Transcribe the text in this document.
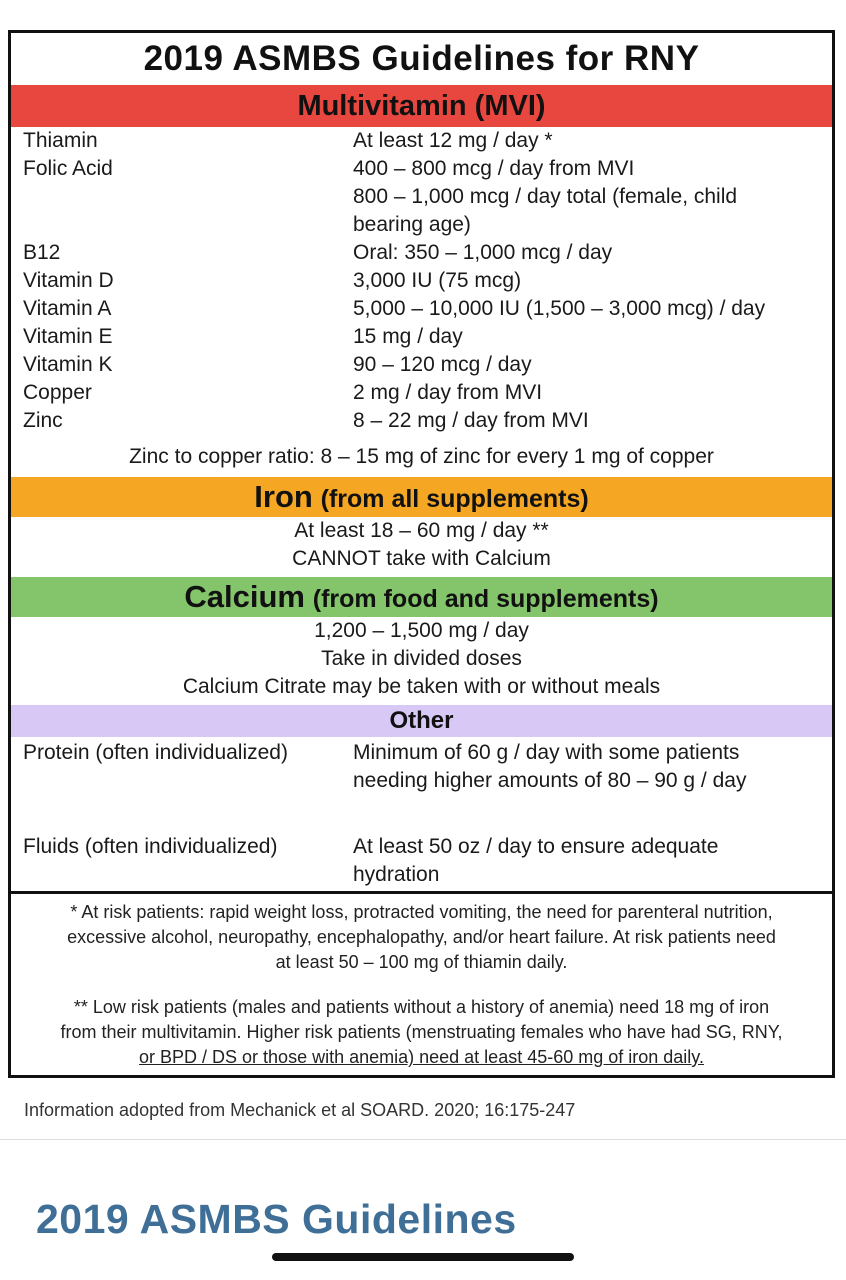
2019 ASMBS Guidelines for RNY
Multivitamin (MVI)
Thiamin	At least 12 mg / day *
Folic Acid	400 – 800 mcg / day from MVI
800 – 1,000 mcg / day total (female, child
bearing age)
B12	Oral: 350 – 1,000 mcg / day
Vitamin D	3,000 IU (75 mcg)
Vitamin A	5,000 – 10,000 IU (1,500 – 3,000 mcg) / day
Vitamin E	15 mg / day
Vitamin K	90 – 120 mcg / day
Copper	2 mg / day from MVI
Zinc	8 – 22 mg / day from MVI
Zinc to copper ratio: 8 – 15 mg of zinc for every 1 mg of copper
Iron (from all supplements)
At least 18 – 60 mg / day **
CANNOT take with Calcium
Calcium (from food and supplements)
1,200 – 1,500 mg / day
Take in divided doses
Calcium Citrate may be taken with or without meals
Other
Protein (often individualized)	Minimum of 60 g / day with some patients
needing higher amounts of 80 – 90 g / day
Fluids (often individualized)	At least 50 oz / day to ensure adequate
hydration
* At risk patients: rapid weight loss, protracted vomiting, the need for parenteral nutrition,
excessive alcohol, neuropathy, encephalopathy, and/or heart failure. At risk patients need
at least 50 – 100 mg of thiamin daily.
** Low risk patients (males and patients without a history of anemia) need 18 mg of iron
from their multivitamin. Higher risk patients (menstruating females who have had SG, RNY,
or BPD / DS or those with anemia) need at least 45-60 mg of iron daily.
Information adopted from Mechanick et al SOARD. 2020; 16:175-247
2019 ASMBS Guidelines
